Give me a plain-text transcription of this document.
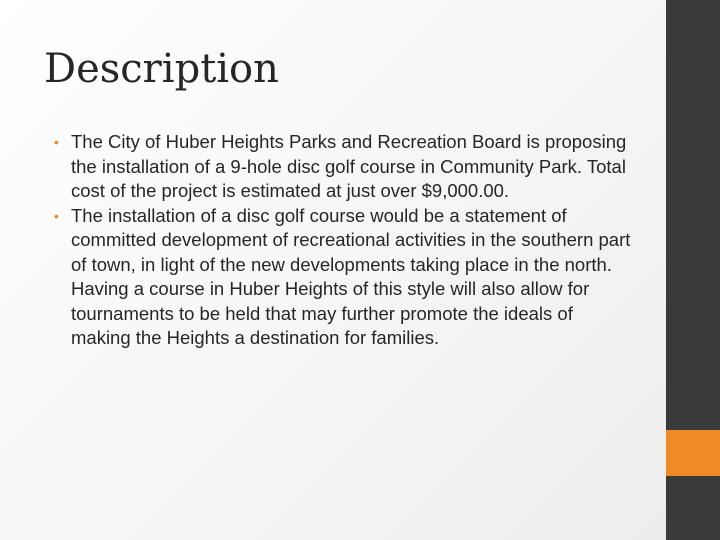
Description
• The City of Huber Heights Parks and Recreation Board is proposing the installation of a 9-hole disc golf course in Community Park. Total cost of the project is estimated at just over $9,000.00.
• The installation of a disc golf course would be a statement of committed development of recreational activities in the southern part of town, in light of the new developments taking place in the north. Having a course in Huber Heights of this style will also allow for tournaments to be held that may further promote the ideals of making the Heights a destination for families.
